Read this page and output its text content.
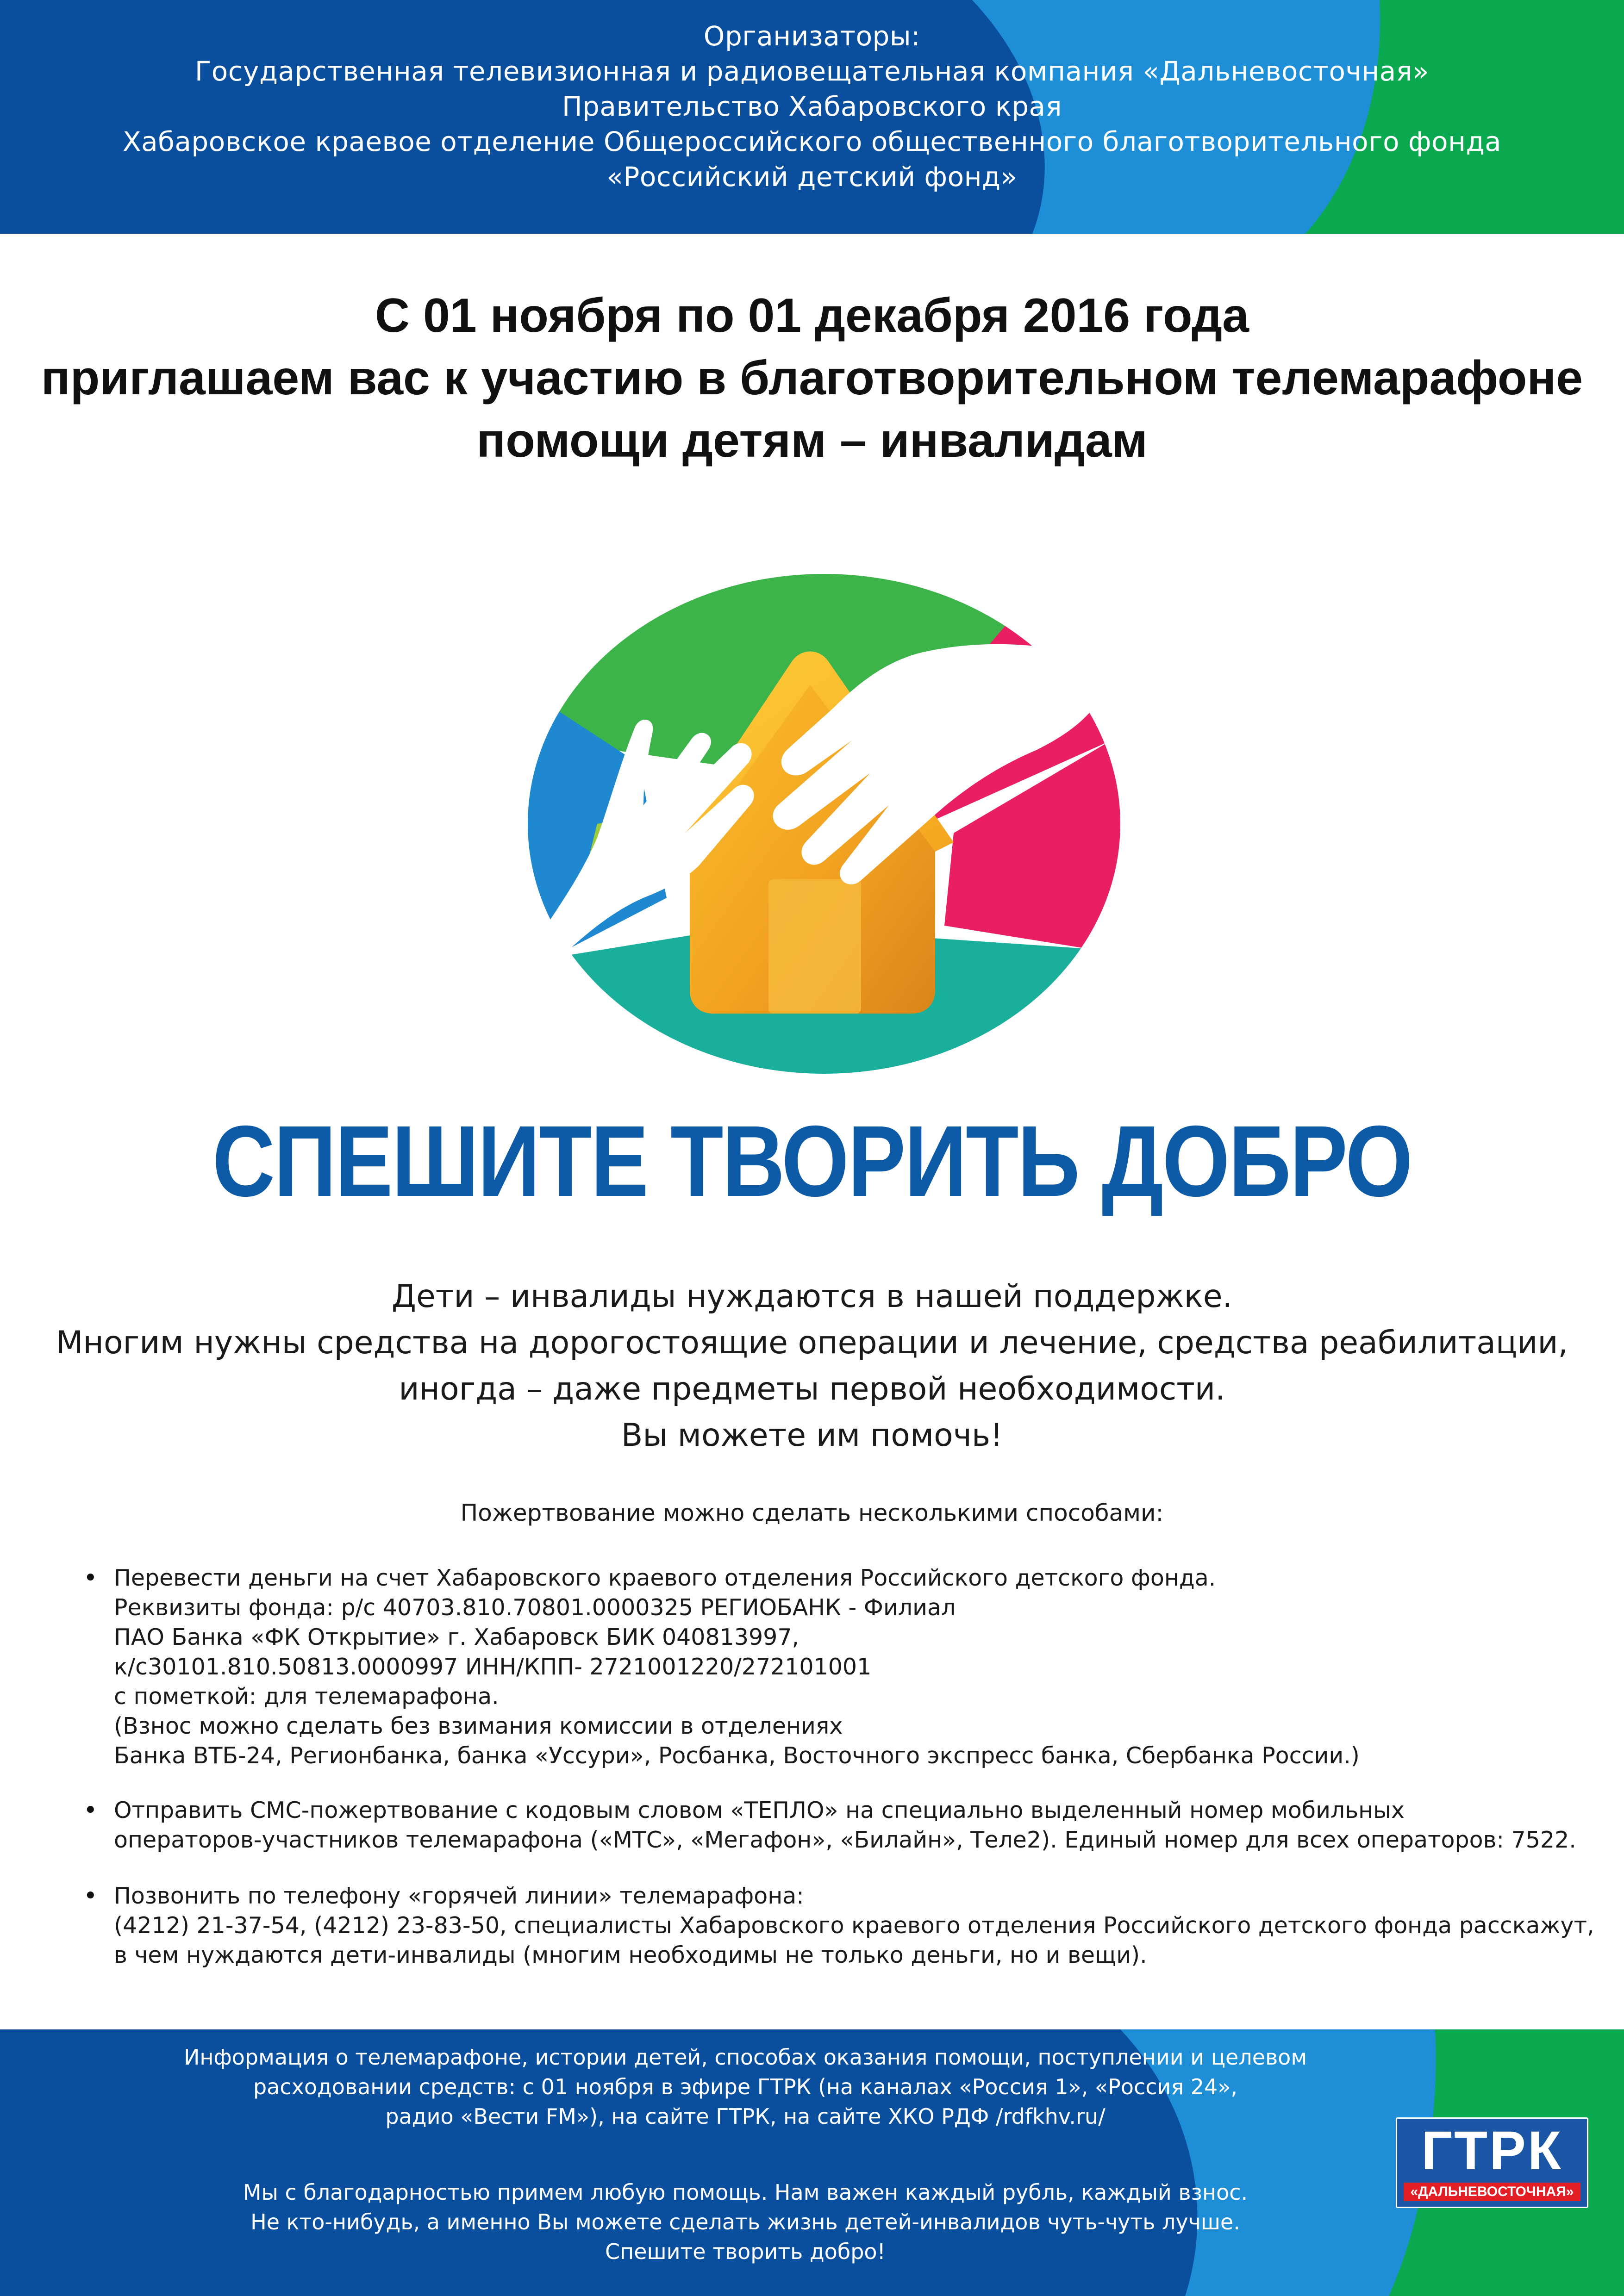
Организаторы:
Государственная телевизионная и радиовещательная компания «Дальневосточная»
Правительство Хабаровского края
Хабаровское краевое отделение Общероссийского общественного благотворительного фонда
«Российский детский фонд»
С 01 ноября по 01 декабря 2016 года
приглашаем вас к участию в благотворительном телемарафоне
помощи детям – инвалидам
СПЕШИТЕ ТВОРИТЬ ДОБРО
Дети – инвалиды нуждаются в нашей поддержке.
Многим нужны средства на дорогостоящие операции и лечение, средства реабилитации,
иногда – даже предметы первой необходимости.
Вы можете им помочь!
Пожертвование можно сделать несколькими способами:
• Перевести деньги на счет Хабаровского краевого отделения Российского детского фонда.
Реквизиты фонда: р/с 40703.810.70801.0000325 РЕГИОБАНК - Филиал
ПАО Банка «ФК Открытие» г. Хабаровск БИК 040813997,
к/с30101.810.50813.0000997 ИНН/КПП- 2721001220/272101001
с пометкой: для телемарафона.
(Взнос можно сделать без взимания комиссии в отделениях
Банка ВТБ-24, Регионбанка, банка «Уссури», Росбанка, Восточного экспресс банка, Сбербанка России.)
• Отправить СМС-пожертвование с кодовым словом «ТЕПЛО» на специально выделенный номер мобильных
операторов-участников телемарафона («МТС», «Мегафон», «Билайн», Теле2). Единый номер для всех операторов: 7522.
• Позвонить по телефону «горячей линии» телемарафона:
(4212) 21-37-54, (4212) 23-83-50, специалисты Хабаровского краевого отделения Российского детского фонда расскажут,
в чем нуждаются дети-инвалиды (многим необходимы не только деньги, но и вещи).
Информация о телемарафоне, истории детей, способах оказания помощи, поступлении и целевом
расходовании средств: с 01 ноября в эфире ГТРК (на каналах «Россия 1», «Россия 24»,
радио «Вести FM»), на сайте ГТРК, на сайте ХКО РДФ /rdfkhv.ru/
Мы с благодарностью примем любую помощь. Нам важен каждый рубль, каждый взнос.
Не кто-нибудь, а именно Вы можете сделать жизнь детей-инвалидов чуть-чуть лучше.
Спешите творить добро!
ГТРК
«ДАЛЬНЕВОСТОЧНАЯ»
